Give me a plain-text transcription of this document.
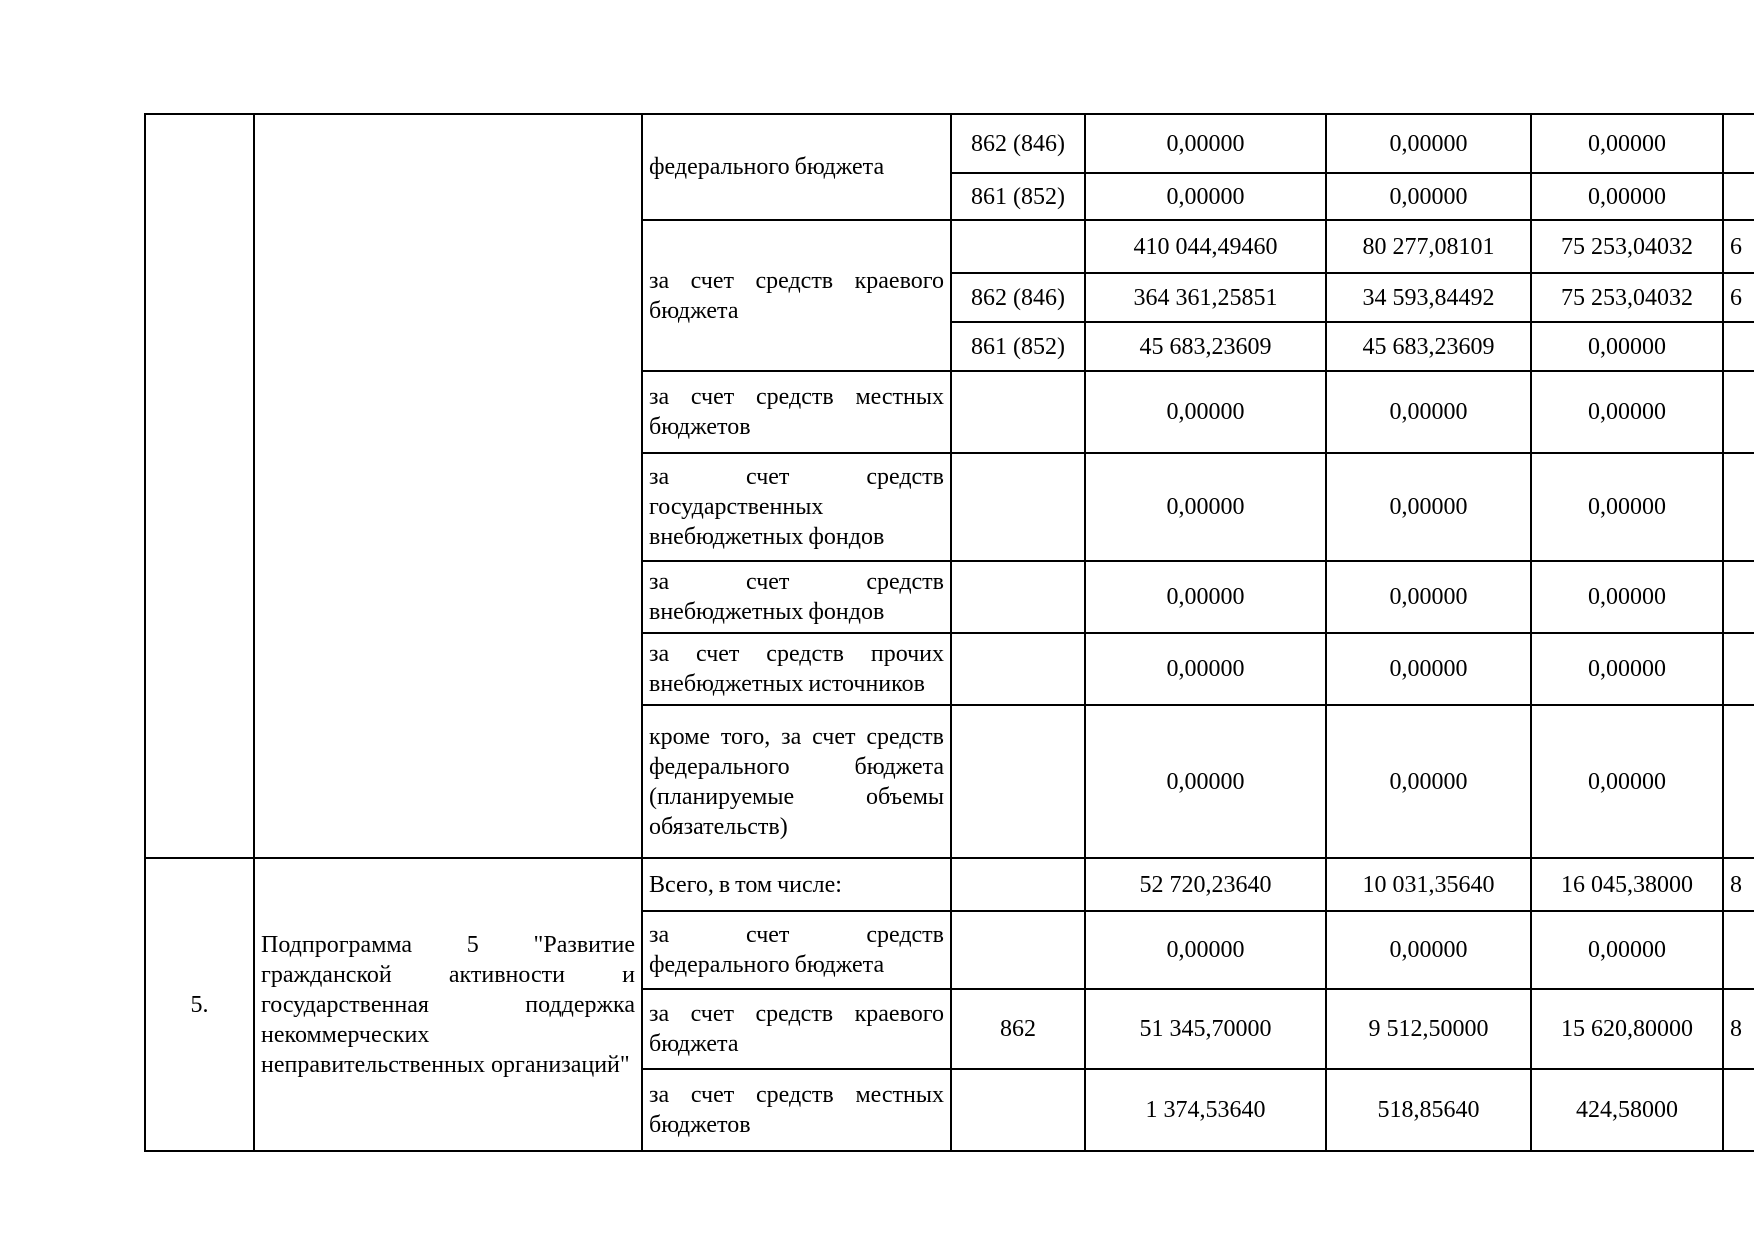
		федерального бюджета	862 (846)	0,00000	0,00000	0,00000	
			861 (852)	0,00000	0,00000	0,00000	
		за счет средств краевого бюджета		410 044,49460	80 277,08101	75 253,04032	6
			862 (846)	364 361,25851	34 593,84492	75 253,04032	6
			861 (852)	45 683,23609	45 683,23609	0,00000	
		за счет средств местных бюджетов		0,00000	0,00000	0,00000	
		за счет средств государственных внебюджетных фондов		0,00000	0,00000	0,00000	
		за счет средств внебюджетных фондов		0,00000	0,00000	0,00000	
		за счет средств прочих внебюджетных источников		0,00000	0,00000	0,00000	
		кроме того, за счет средств федерального бюджета (планируемые объемы обязательств)		0,00000	0,00000	0,00000	
5.	Подпрограмма 5 "Развитие гражданской активности и государственная поддержка некоммерческих неправительственных организаций"	Всего, в том числе:		52 720,23640	10 031,35640	16 045,38000	8
		за счет средств федерального бюджета		0,00000	0,00000	0,00000	
		за счет средств краевого бюджета	862	51 345,70000	9 512,50000	15 620,80000	8
		за счет средств местных бюджетов		1 374,53640	518,85640	424,58000	
